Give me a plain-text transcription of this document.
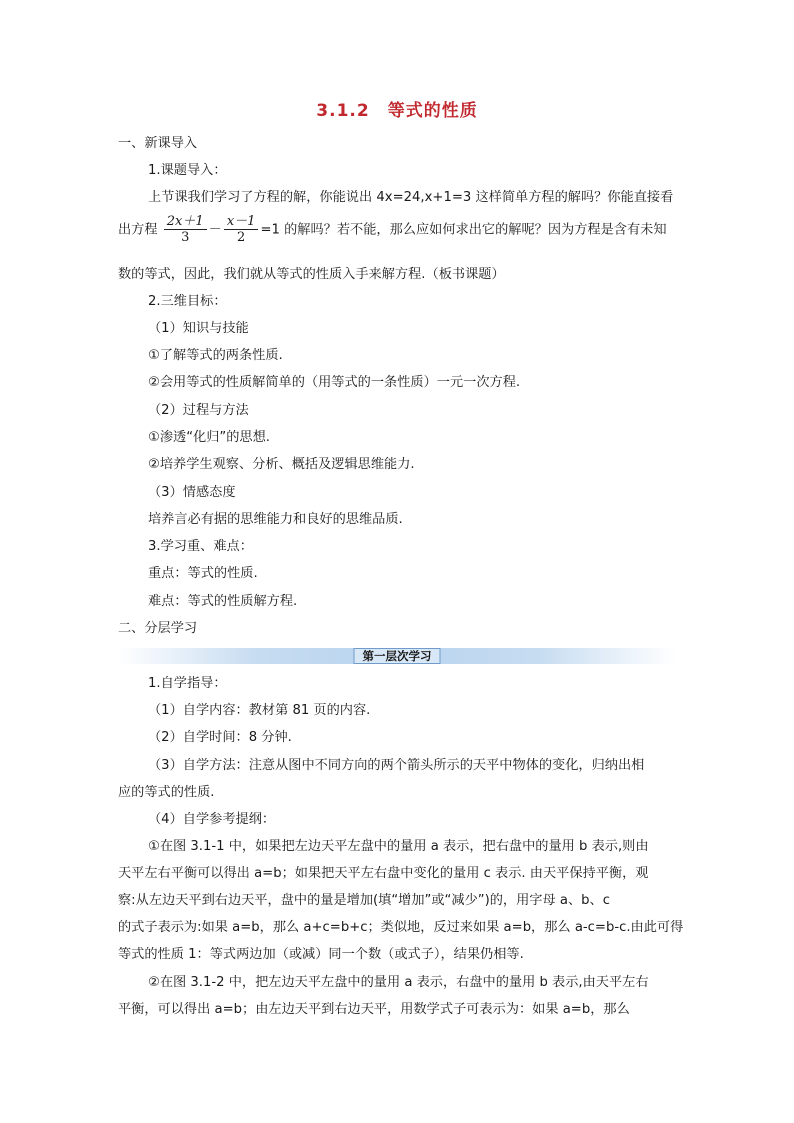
3.1.2 等式的性质
一、新课导入
1.课题导入：
上节课我们学习了方程的解，你能说出 4x=24,x+1=3 这样简单方程的解吗？你能直接看
出方程 $\frac{2x+1}{3} - \frac{x-1}{2} =1$ 的解吗？若不能，那么应如何求出它的解呢？因为方程是含有未知
数的等式，因此，我们就从等式的性质入手来解方程.（板书课题）
2.三维目标：
（1）知识与技能
①了解等式的两条性质.
②会用等式的性质解简单的（用等式的一条性质）一元一次方程.
（2）过程与方法
①渗透“化归”的思想.
②培养学生观察、分析、概括及逻辑思维能力.
（3）情感态度
培养言必有据的思维能力和良好的思维品质.
3.学习重、难点：
重点：等式的性质.
难点：等式的性质解方程.
二、分层学习
第一层次学习
1.自学指导：
（1）自学内容：教材第 81 页的内容.
（2）自学时间：8 分钟.
（3）自学方法：注意从图中不同方向的两个箭头所示的天平中物体的变化，归纳出相
应的等式的性质.
（4）自学参考提纲：
①在图 3.1-1 中，如果把左边天平左盘中的量用 a 表示，把右盘中的量用 b 表示,则由
天平左右平衡可以得出 a=b；如果把天平左右盘中变化的量用 c 表示. 由天平保持平衡，观
察:从左边天平到右边天平，盘中的量是增加(填“增加”或“减少”)的，用字母 a、b、c
的式子表示为:如果 a=b，那么 a+c=b+c；类似地，反过来如果 a=b，那么 a-c=b-c.由此可得
等式的性质 1：等式两边加（或减）同一个数（或式子），结果仍相等.
②在图 3.1-2 中，把左边天平左盘中的量用 a 表示，右盘中的量用 b 表示,由天平左右
平衡，可以得出 a=b；由左边天平到右边天平，用数学式子可表示为：如果 a=b，那么
